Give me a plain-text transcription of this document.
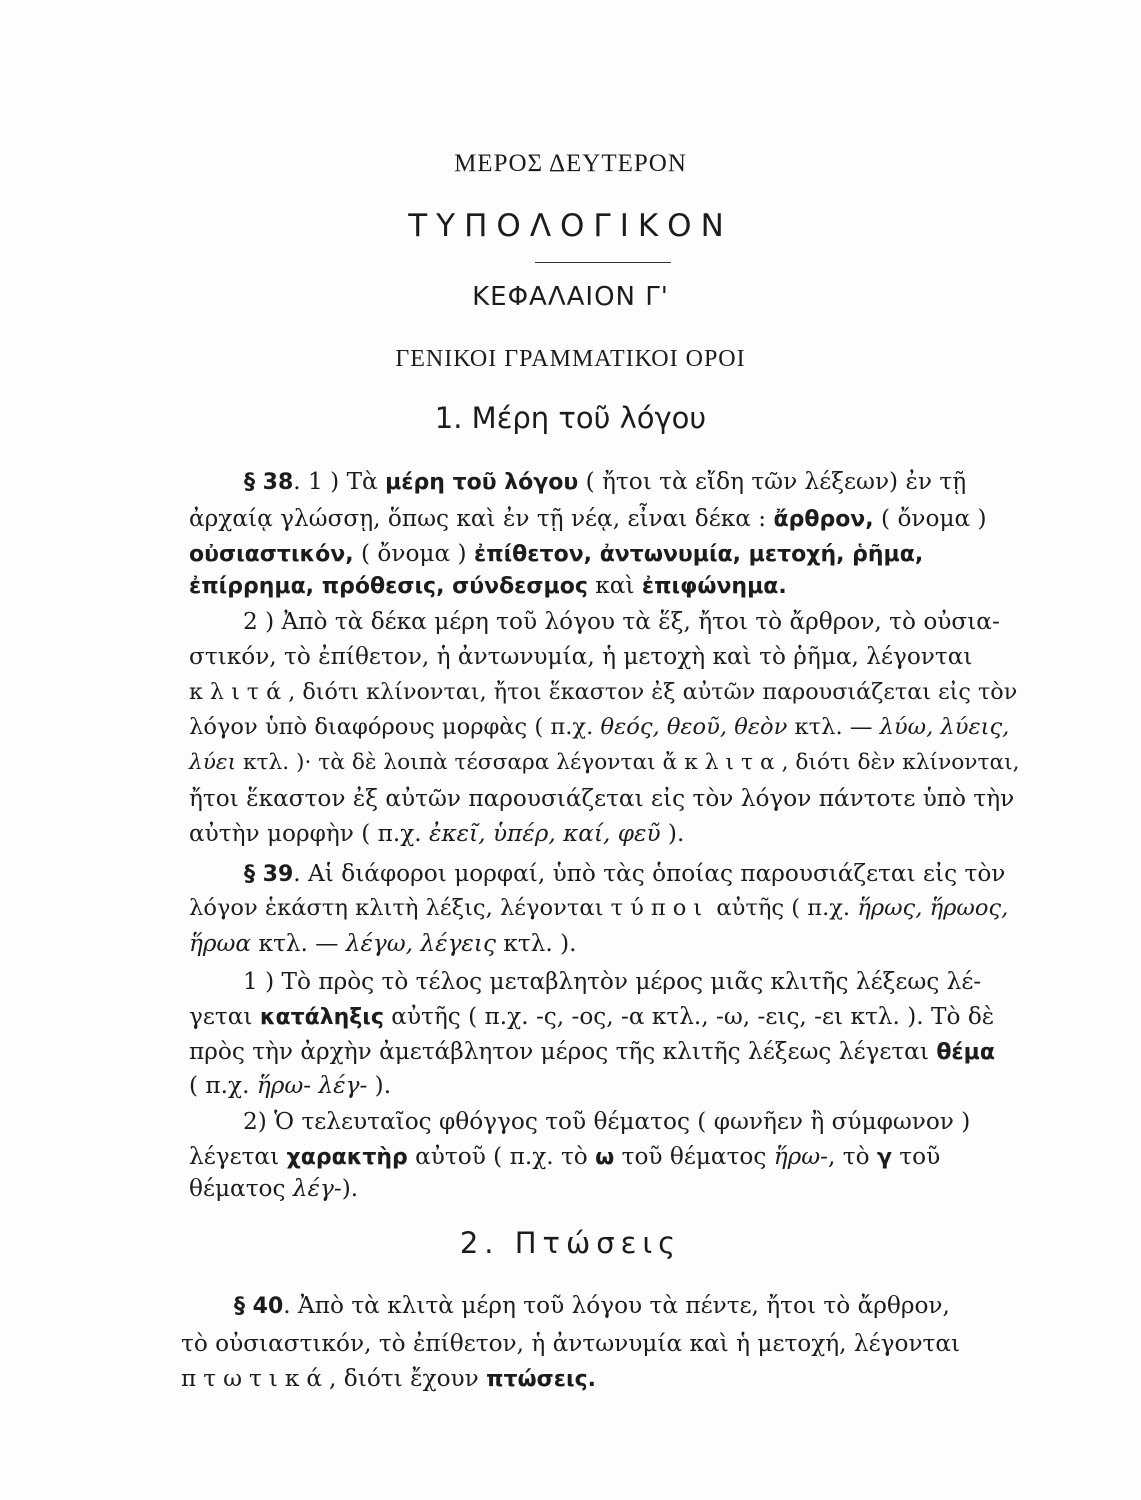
ΜΕΡΟΣ ΔΕΥΤΕΡΟΝ
ΤΥΠΟΛΟΓΙΚΟΝ
ΚΕΦΑΛΑΙΟΝ Γ'
ΓΕΝΙΚΟΙ ΓΡΑΜΜΑΤΙΚΟΙ ΟΡΟΙ
1. Μέρη τοῦ λόγου
§ 38. 1 ) Τὰ μέρη τοῦ λόγου ( ἤτοι τὰ εἴδη τῶν λέξεων) ἐν τῇ
ἀρχαίᾳ γλώσσῃ, ὅπως καὶ ἐν τῇ νέᾳ, εἶναι δέκα : ἄρθρον, ( ὄνομα )
οὐσιαστικόν, ( ὄνομα ) ἐπίθετον, ἀντωνυμία, μετοχή, ῥῆμα,
ἐπίρρημα, πρόθεσις, σύνδεσμος καὶ ἐπιφώνημα.
2 ) Ἀπὸ τὰ δέκα μέρη τοῦ λόγου τὰ ἕξ, ἤτοι τὸ ἄρθρον, τὸ οὐσια-
στικόν, τὸ ἐπίθετον, ἡ ἀντωνυμία, ἡ μετοχὴ καὶ τὸ ῥῆμα, λέγονται
κλιτά, διότι κλίνονται, ἤτοι ἕκαστον ἐξ αὐτῶν παρουσιάζεται εἰς τὸν
λόγον ὑπὸ διαφόρους μορφὰς ( π.χ. θεός, θεοῦ, θεὸν κτλ. — λύω, λύεις,
λύει κτλ. )· τὰ δὲ λοιπὰ τέσσαρα λέγονται ἄκλιτα, διότι δὲν κλίνονται,
ἤτοι ἕκαστον ἐξ αὐτῶν παρουσιάζεται εἰς τὸν λόγον πάντοτε ὑπὸ τὴν
αὐτὴν μορφὴν ( π.χ. ἐκεῖ, ὑπέρ, καί, φεῦ ).
§ 39. Αἱ διάφοροι μορφαί, ὑπὸ τὰς ὁποίας παρουσιάζεται εἰς τὸν
λόγον ἑκάστη κλιτὴ λέξις, λέγονται τύποι αὐτῆς ( π.χ. ἥρως, ἥρωος,
ἥρωα κτλ. — λέγω, λέγεις κτλ. ).
1 ) Τὸ πρὸς τὸ τέλος μεταβλητὸν μέρος μιᾶς κλιτῆς λέξεως λέ-
γεται κατάληξις αὐτῆς ( π.χ. -ς, -ος, -α κτλ., -ω, -εις, -ει κτλ. ). Τὸ δὲ
πρὸς τὴν ἀρχὴν ἀμετάβλητον μέρος τῆς κλιτῆς λέξεως λέγεται θέμα
( π.χ. ἥρω- λέγ- ).
2) Ὁ τελευταῖος φθόγγος τοῦ θέματος ( φωνῆεν ἢ σύμφωνον )
λέγεται χαρακτὴρ αὐτοῦ ( π.χ. τὸ ω τοῦ θέματος ἥρω-, τὸ γ τοῦ
θέματος λέγ-).
2. Πτώσεις
§ 40. Ἀπὸ τὰ κλιτὰ μέρη τοῦ λόγου τὰ πέντε, ἤτοι τὸ ἄρθρον,
τὸ οὐσιαστικόν, τὸ ἐπίθετον, ἡ ἀντωνυμία καὶ ἡ μετοχή, λέγονται
πτωτικά, διότι ἔχουν πτώσεις.
